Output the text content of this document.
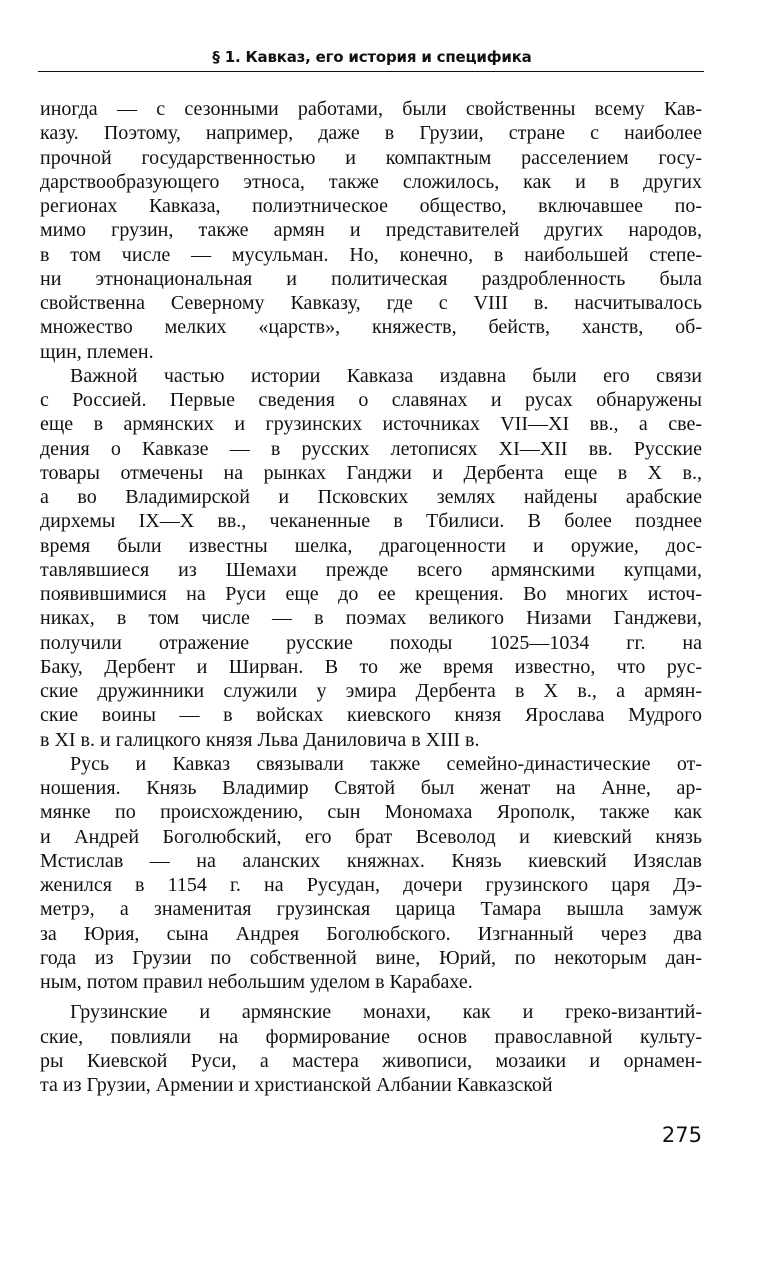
§ 1. Кавказ, его история и специфика
иногда — с сезонными работами, были свойственны всему Кав-
казу. Поэтому, например, даже в Грузии, стране с наиболее
прочной государственностью и компактным расселением госу-
дарствообразующего этноса, также сложилось, как и в других
регионах Кавказа, полиэтническое общество, включавшее по-
мимо грузин, также армян и представителей других народов,
в том числе — мусульман. Но, конечно, в наибольшей степе-
ни этнонациональная и политическая раздробленность была
свойственна Северному Кавказу, где с VIII в. насчитывалось
множество мелких «царств», княжеств, бейств, ханств, об-
щин, племен.
Важной частью истории Кавказа издавна были его связи
с Россией. Первые сведения о славянах и русах обнаружены
еще в армянских и грузинских источниках VII—XI вв., а све-
дения о Кавказе — в русских летописях XI—XII вв. Русские
товары отмечены на рынках Ганджи и Дербента еще в X в.,
а во Владимирской и Псковских землях найдены арабские
дирхемы IX—X вв., чеканенные в Тбилиси. В более позднее
время были известны шелка, драгоценности и оружие, дос-
тавлявшиеся из Шемахи прежде всего армянскими купцами,
появившимися на Руси еще до ее крещения. Во многих источ-
никах, в том числе — в поэмах великого Низами Ганджеви,
получили отражение русские походы 1025—1034 гг. на
Баку, Дербент и Ширван. В то же время известно, что рус-
ские дружинники служили у эмира Дербента в X в., а армян-
ские воины — в войсках киевского князя Ярослава Мудрого
в XI в. и галицкого князя Льва Даниловича в XIII в.
Русь и Кавказ связывали также семейно-династические от-
ношения. Князь Владимир Святой был женат на Анне, ар-
мянке по происхождению, сын Мономаха Ярополк, также как
и Андрей Боголюбский, его брат Всеволод и киевский князь
Мстислав — на аланских княжнах. Князь киевский Изяслав
женился в 1154 г. на Русудан, дочери грузинского царя Дэ-
метрэ, а знаменитая грузинская царица Тамара вышла замуж
за Юрия, сына Андрея Боголюбского. Изгнанный через два
года из Грузии по собственной вине, Юрий, по некоторым дан-
ным, потом правил небольшим уделом в Карабахе.
Грузинские и армянские монахи, как и греко-византий-
ские, повлияли на формирование основ православной культу-
ры Киевской Руси, а мастера живописи, мозаики и орнамен-
та из Грузии, Армении и христианской Албании Кавказской
275
